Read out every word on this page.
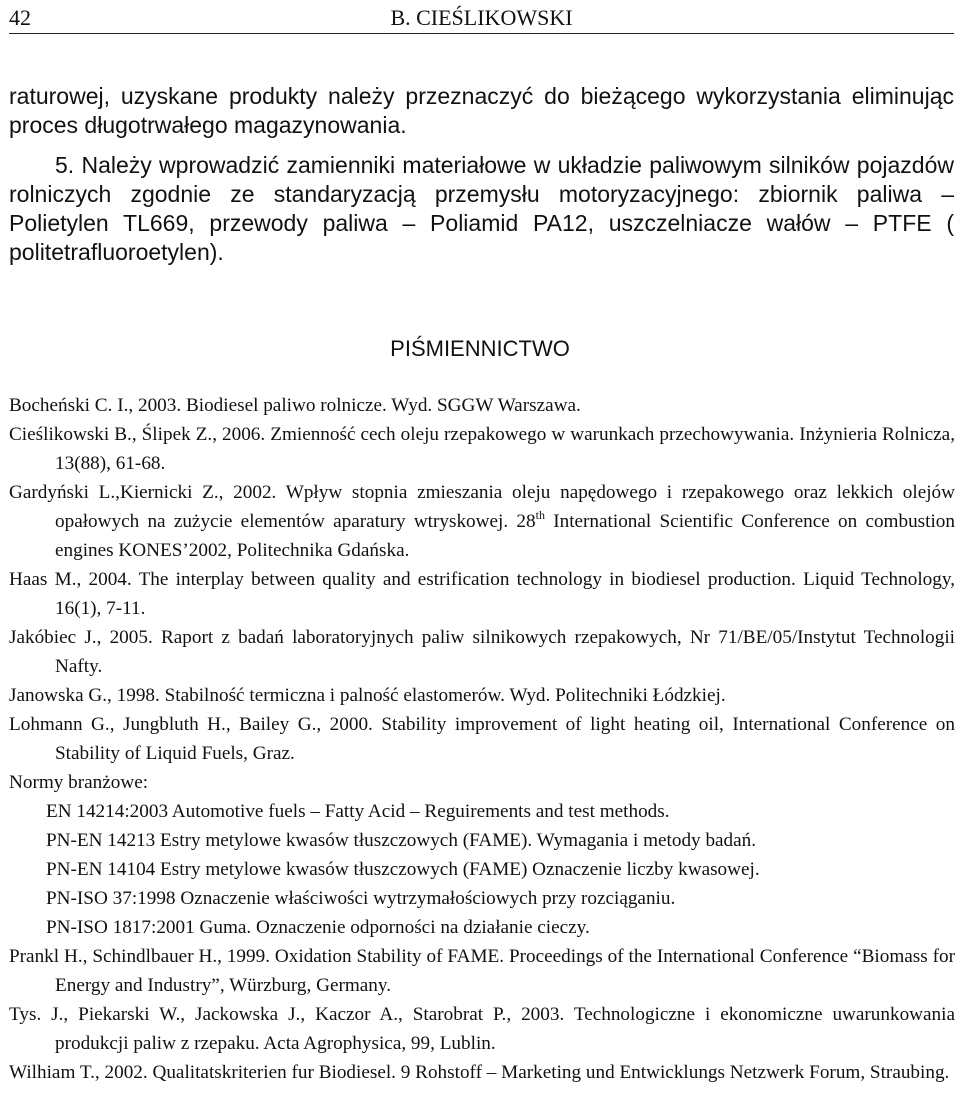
42	B. CIEŚLIKOWSKI

raturowej, uzyskane produkty należy przeznaczyć do bieżącego wykorzystania eliminując proces długotrwałego magazynowania.

5. Należy wprowadzić zamienniki materiałowe w układzie paliwowym silników pojazdów rolniczych zgodnie ze standaryzacją przemysłu motoryzacyjnego: zbiornik paliwa – Polietylen TL669, przewody paliwa – Poliamid PA12, uszczelniacze wałów – PTFE ( politetrafluoroetylen).

PIŚMIENNICTWO

Bocheński C. I., 2003. Biodiesel paliwo rolnicze. Wyd. SGGW Warszawa.

Cieślikowski B., Ślipek Z., 2006. Zmienność cech oleju rzepakowego w warunkach przechowywania. Inżynieria Rolnicza, 13(88), 61-68.

Gardyński L.,Kiernicki Z., 2002. Wpływ stopnia zmieszania oleju napędowego i rzepakowego oraz lekkich olejów opałowych na zużycie elementów aparatury wtryskowej. 28th International Scientific Conference on combustion engines KONES’2002, Politechnika Gdańska.

Haas M., 2004. The interplay between quality and estrification technology in biodiesel production. Liquid Technology, 16(1), 7-11.

Jakóbiec J., 2005. Raport z badań laboratoryjnych paliw silnikowych rzepakowych, Nr 71/BE/05/Instytut Technologii Nafty.

Janowska G., 1998. Stabilność termiczna i palność elastomerów. Wyd. Politechniki Łódzkiej.

Lohmann G., Jungbluth H., Bailey G., 2000. Stability improvement of light heating oil, International Conference on Stability of Liquid Fuels, Graz.

Normy branżowe:

EN 14214:2003 Automotive fuels – Fatty Acid – Reguirements and test methods.

PN-EN 14213 Estry metylowe kwasów tłuszczowych (FAME). Wymagania i metody badań.

PN-EN 14104 Estry metylowe kwasów tłuszczowych (FAME) Oznaczenie liczby kwasowej.

PN-ISO 37:1998 Oznaczenie właściwości wytrzymałościowych przy rozciąganiu.

PN-ISO 1817:2001 Guma. Oznaczenie odporności na działanie cieczy.

Prankl H., Schindlbauer H., 1999. Oxidation Stability of FAME. Proceedings of the International Conference “Biomass for Energy and Industry”, Würzburg, Germany.

Tys. J., Piekarski W., Jackowska J., Kaczor A., Starobrat P., 2003. Technologiczne i ekonomiczne uwarunkowania produkcji paliw z rzepaku. Acta Agrophysica, 99, Lublin.

Wilhiam T., 2002. Qualitatskriterien fur Biodiesel. 9 Rohstoff – Marketing und Entwicklungs Netzwerk Forum, Straubing.
